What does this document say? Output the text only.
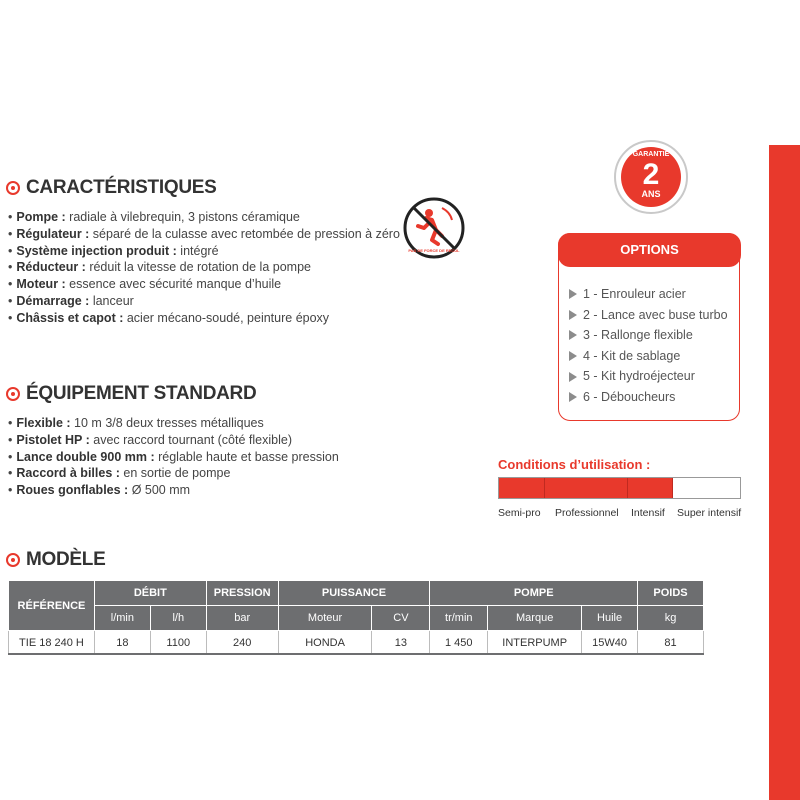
GARANTIE
2
ANS
CARACTÉRISTIQUES
• Pompe : radiale à vilebrequin, 3 pistons céramique
• Régulateur : séparé de la culasse avec retombée de pression à zéro
• Système injection produit : intégré
• Réducteur : réduit la vitesse de rotation de la pompe
• Moteur : essence avec sécurité manque d’huile
• Démarrage : lanceur
• Châssis et capot : acier mécano-soudé, peinture époxy
PAS DE FORCE DE RECUL
ÉQUIPEMENT STANDARD
• Flexible : 10 m 3/8 deux tresses métalliques
• Pistolet HP : avec raccord tournant (côté flexible)
• Lance double 900 mm : réglable haute et basse pression
• Raccord à billes : en sortie de pompe
• Roues gonflables : Ø 500 mm
OPTIONS
1 - Enrouleur acier
2 - Lance avec buse turbo
3 - Rallonge flexible
4 - Kit de sablage
5 - Kit hydroéjecteur
6 - Déboucheurs
Conditions d’utilisation :
Semi-pro Professionnel Intensif Super intensif
MODÈLE
RÉFÉRENCE	DÉBIT		PRESSION	PUISSANCE		POMPE			POIDS
	l/min	l/h	bar	Moteur	CV	tr/min	Marque	Huile	kg
TIE 18 240 H	18	1100	240	HONDA	13	1 450	INTERPUMP	15W40	81
